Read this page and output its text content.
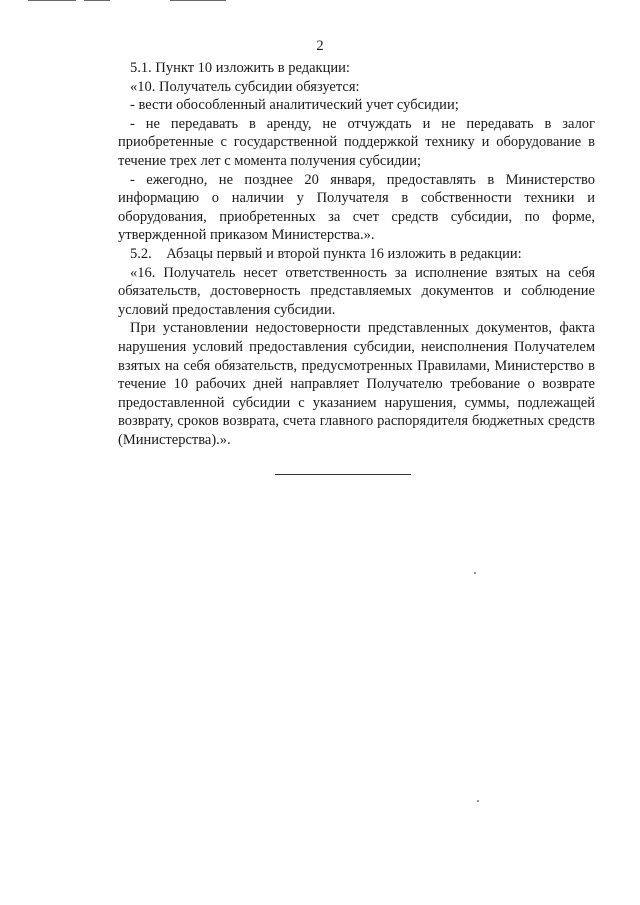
2

5.1. Пункт 10 изложить в редакции:

«10. Получатель субсидии обязуется:

- вести обособленный аналитический учет субсидии;

- не передавать в аренду, не отчуждать и не передавать в залог приобретенные с государственной поддержкой технику и оборудование в течение трех лет с момента получения субсидии;

- ежегодно, не позднее 20 января, предоставлять в Министерство информацию о наличии у Получателя в собственности техники и оборудования, приобретенных за счет средств субсидии, по форме, утвержденной приказом Министерства.».

5.2.    Абзацы первый и второй пункта 16 изложить в редакции:

«16. Получатель несет ответственность за исполнение взятых на себя обязательств, достоверность представляемых документов и соблюдение условий предоставления субсидии.

При установлении недостоверности представленных документов, факта нарушения условий предоставления субсидии, неисполнения Получателем взятых на себя обязательств, предусмотренных Правилами, Министерство в течение 10 рабочих дней направляет Получателю требование о возврате предоставленной субсидии с указанием нарушения, суммы, подлежащей возврату, сроков возврата, счета главного распорядителя бюджетных средств (Министерства).».
